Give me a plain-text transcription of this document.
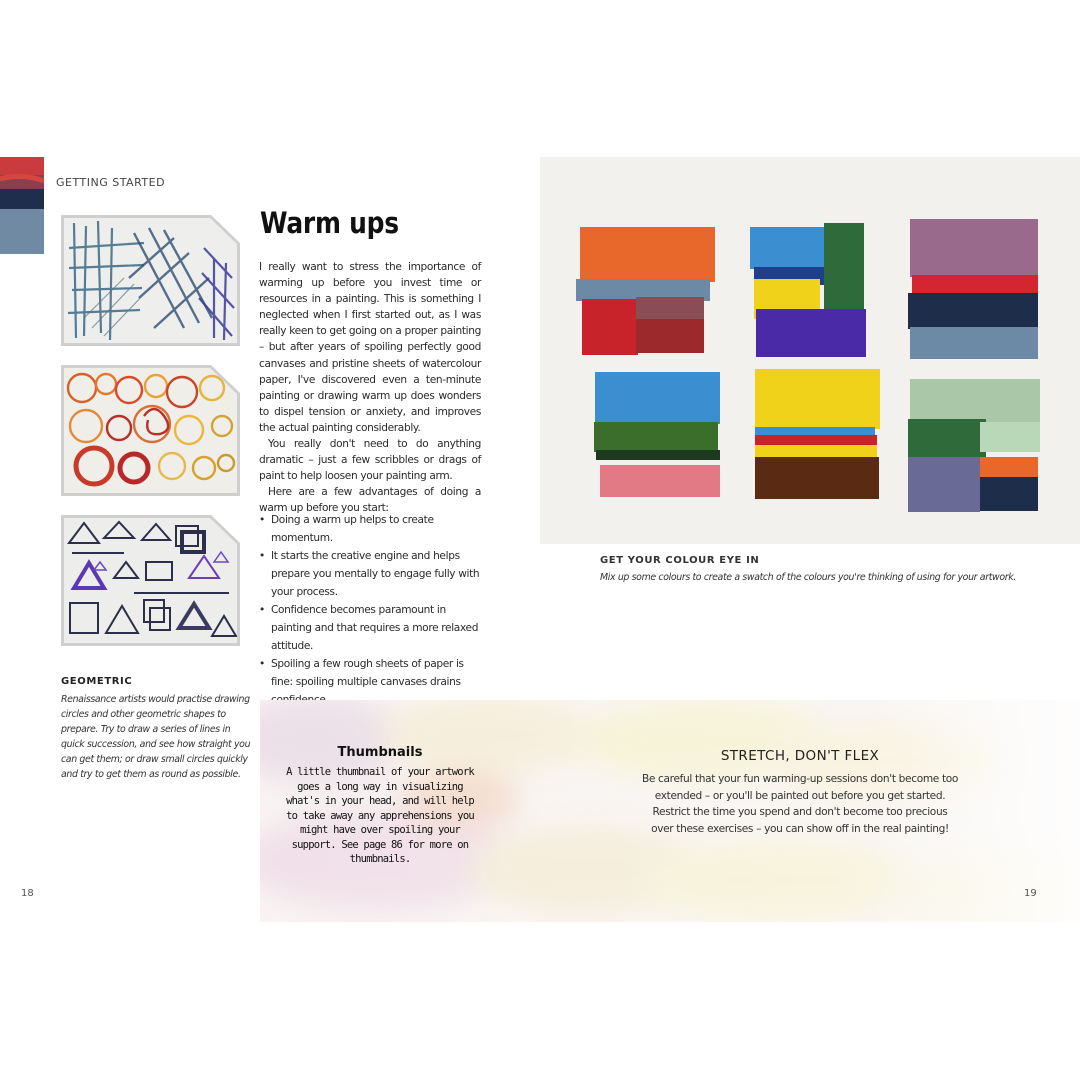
GETTING STARTED
Warm ups

I really want to stress the importance of warming up before you invest time or resources in a painting. This is something I neglected when I first started out, as I was really keen to get going on a proper painting – but after years of spoiling perfectly good canvases and pristine sheets of watercolour paper, I've discovered even a ten-minute painting or drawing warm up does wonders to dispel tension or anxiety, and improves the actual painting considerably.

You really don't need to do anything dramatic – just a few scribbles or drags of paint to help loosen your painting arm.

Here are a few advantages of doing a warm up before you start:

• Doing a warm up helps to create momentum.
• It starts the creative engine and helps prepare you mentally to engage fully with your process.
• Confidence becomes paramount in painting and that requires a more relaxed attitude.
• Spoiling a few rough sheets of paper is fine: spoiling multiple canvases drains
GEOMETRIC
Renaissance artists would practise drawing circles and other geometric shapes to prepare. Try to draw a series of lines in quick succession, and see how straight you can get them; or draw small circles quickly and try to get them as round as possible.
GET YOUR COLOUR EYE IN
Mix up some colours to create a swatch of the colours you're thinking of using for your artwork.
Thumbnails
A little thumbnail of your artwork goes a long way in visualizing what's in your head, and will help to take away any apprehensions you might have over spoiling your support. See page 86 for more on thumbnails.
STRETCH, DON'T FLEX
Be careful that your fun warming-up sessions don't become too extended – or you'll be painted out before you get started. Restrict the time you spend and don't become too precious over these exercises – you can show off in the real painting!
18	19
